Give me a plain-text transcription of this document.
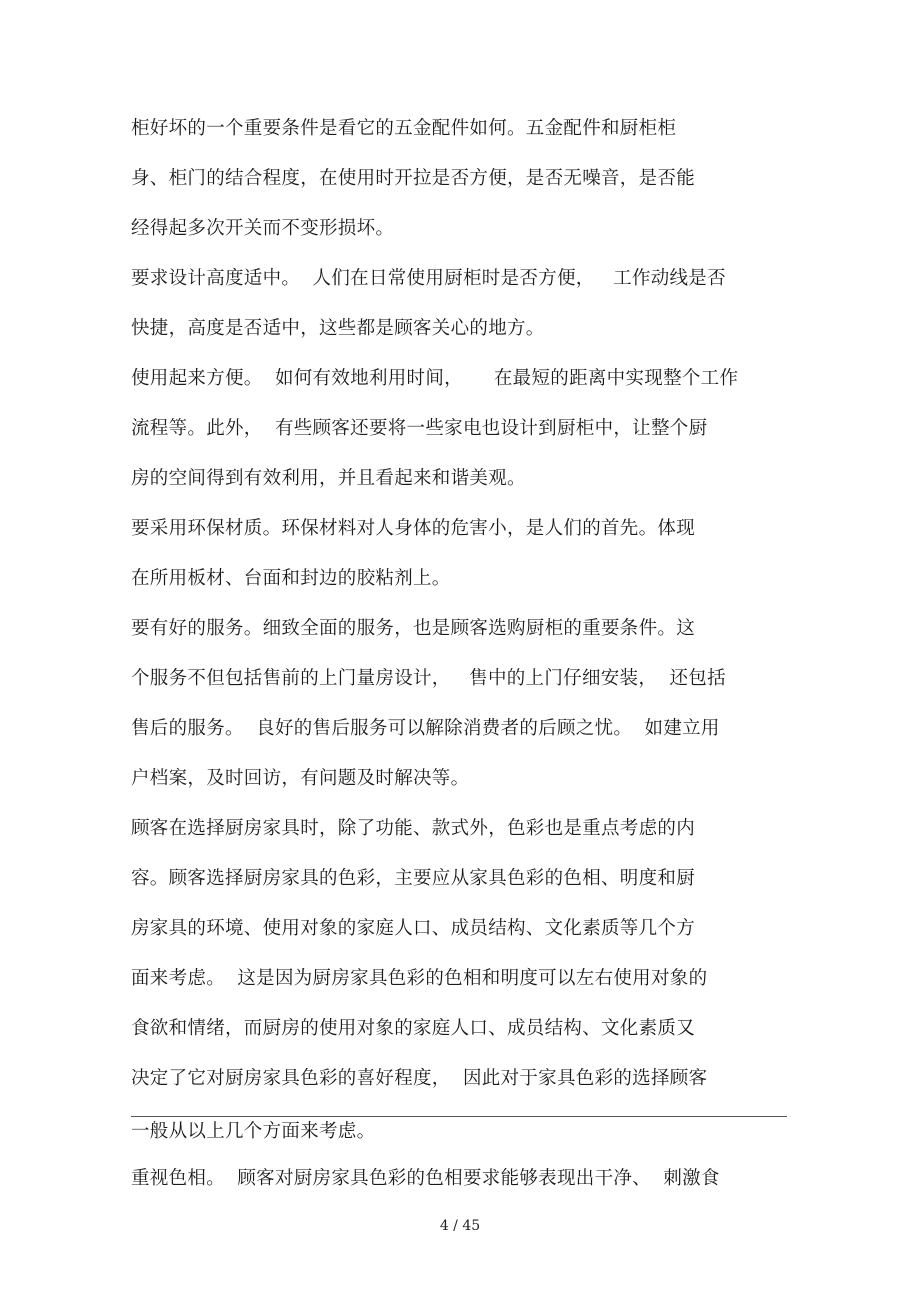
柜好坏的一个重要条件是看它的五金配件如何。五金配件和厨柜柜
身、柜门的结合程度，在使用时开拉是否方便，是否无噪音，是否能
经得起多次开关而不变形损坏。
要求设计高度适中。  人们在日常使用厨柜时是否方便，   工作动线是否
快捷，高度是否适中，这些都是顾客关心的地方。
使用起来方便。  如何有效地利用时间，     在最短的距离中实现整个工作
流程等。此外，  有些顾客还要将一些家电也设计到厨柜中，让整个厨
房的空间得到有效利用，并且看起来和谐美观。
要采用环保材质。环保材料对人身体的危害小，是人们的首先。体现
在所用板材、台面和封边的胶粘剂上。
要有好的服务。细致全面的服务，也是顾客选购厨柜的重要条件。这
个服务不但包括售前的上门量房设计，   售中的上门仔细安装，  还包括
售后的服务。  良好的售后服务可以解除消费者的后顾之忧。  如建立用
户档案，及时回访，有问题及时解决等。
顾客在选择厨房家具时，除了功能、款式外，色彩也是重点考虑的内
容。顾客选择厨房家具的色彩，主要应从家具色彩的色相、明度和厨
房家具的环境、使用对象的家庭人口、成员结构、文化素质等几个方
面来考虑。  这是因为厨房家具色彩的色相和明度可以左右使用对象的
食欲和情绪，而厨房的使用对象的家庭人口、成员结构、文化素质又
决定了它对厨房家具色彩的喜好程度，  因此对于家具色彩的选择顾客
一般从以上几个方面来考虑。
重视色相。  顾客对厨房家具色彩的色相要求能够表现出干净、  刺激食
4 / 45
